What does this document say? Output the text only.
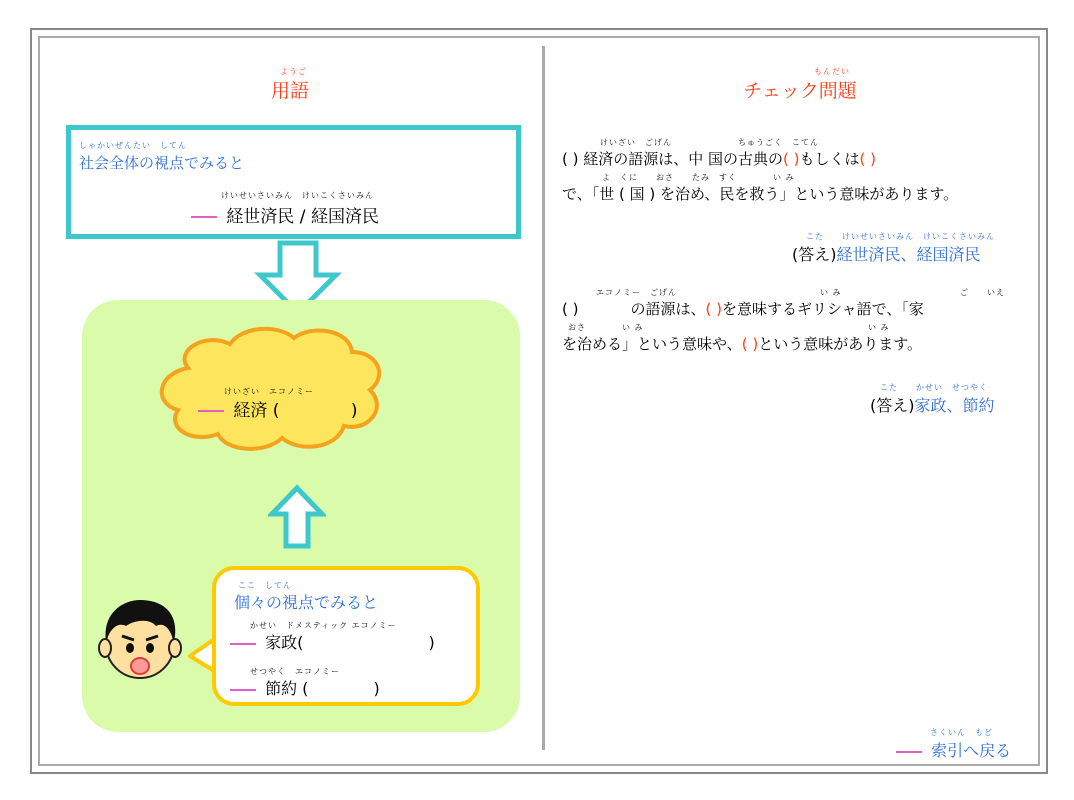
ようご
用語
しゃかいぜんたい　してん
社会全体の視点でみると
けいせいさいみん　けいこくさいみん
経世済民 / 経国済民
けいざい　エコノミー
経済 (	)
ここ　してん
個々の視点でみると
かせい　ドメスティック エコノミー
家政(	)
せつやく　エコノミー
節約 (	)
もんだい
チェック問題
けいざい　ごげん	ちゅうごく　こてん
( ) 経済の語源は、中 国の古典の( )もしくは( )
よ　くに　　おさ　　たみ　すく　　　　い み
で、「世 ( 国 ) を治め、民を救う」という意味があります。
こた　　けいせいさいみん　けいこくさいみん
(答え)経世済民、経国済民
エコノミー　ごげん	い み	ご　　いえ
( )	の語源は、( )を意味するギリシャ語で、「家
おさ　　　　い み	い み
を治める」という意味や、( )という意味があります。
こた　　かせい　せつやく
(答え)家政、節約
さくいん　もど
索引へ戻る
